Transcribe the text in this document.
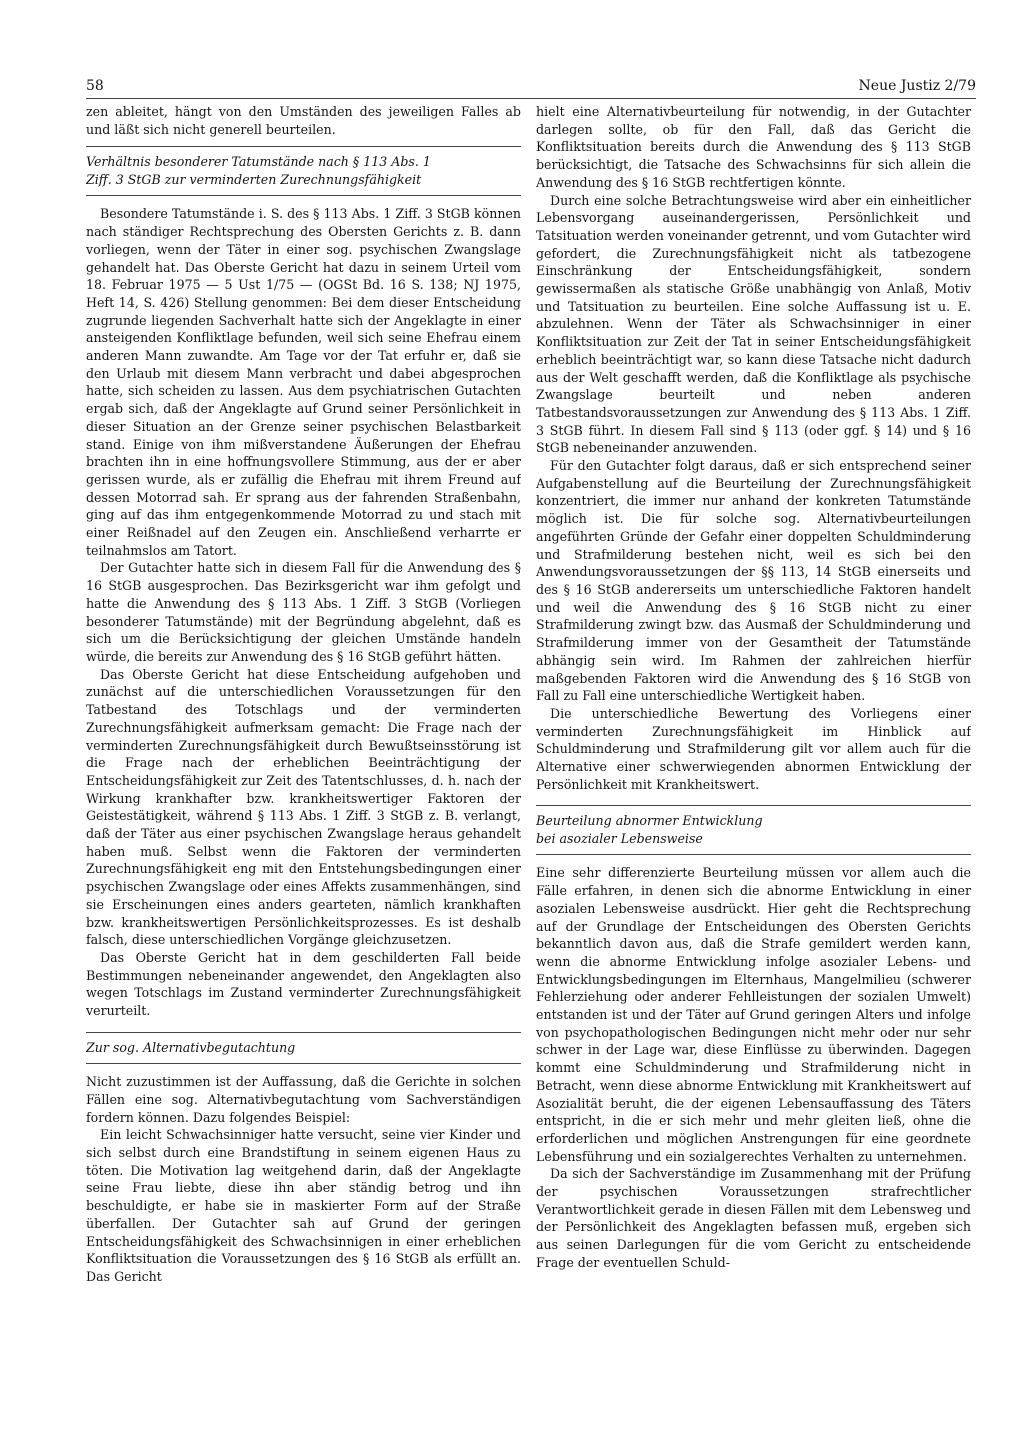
58	Neue Justiz 2/79

zen ableitet, hängt von den Umständen des jeweiligen Falles ab und läßt sich nicht generell beurteilen.

Verhältnis besonderer Tatumstände nach § 113 Abs. 1
Ziff. 3 StGB zur verminderten Zurechnungsfähigkeit

Besondere Tatumstände i. S. des § 113 Abs. 1 Ziff. 3 StGB können nach ständiger Rechtsprechung des Obersten Gerichts z. B. dann vorliegen, wenn der Täter in einer sog. psychischen Zwangslage gehandelt hat. Das Oberste Gericht hat dazu in seinem Urteil vom 18. Februar 1975 — 5 Ust 1/75 — (OGSt Bd. 16 S. 138; NJ 1975, Heft 14, S. 426) Stellung genommen: Bei dem dieser Entscheidung zugrunde liegenden Sachverhalt hatte sich der Angeklagte in einer ansteigenden Konfliktlage befunden, weil sich seine Ehefrau einem anderen Mann zuwandte. Am Tage vor der Tat erfuhr er, daß sie den Urlaub mit diesem Mann verbracht und dabei abgesprochen hatte, sich scheiden zu lassen. Aus dem psychiatrischen Gutachten ergab sich, daß der Angeklagte auf Grund seiner Persönlichkeit in dieser Situation an der Grenze seiner psychischen Belastbarkeit stand. Einige von ihm mißverstandene Äußerungen der Ehefrau brachten ihn in eine hoffnungsvollere Stimmung, aus der er aber gerissen wurde, als er zufällig die Ehefrau mit ihrem Freund auf dessen Motorrad sah. Er sprang aus der fahrenden Straßenbahn, ging auf das ihm entgegenkommende Motorrad zu und stach mit einer Reißnadel auf den Zeugen ein. Anschließend verharrte er teilnahmslos am Tatort.

Der Gutachter hatte sich in diesem Fall für die Anwendung des § 16 StGB ausgesprochen. Das Bezirksgericht war ihm gefolgt und hatte die Anwendung des § 113 Abs. 1 Ziff. 3 StGB (Vorliegen besonderer Tatumstände) mit der Begründung abgelehnt, daß es sich um die Berücksichtigung der gleichen Umstände handeln würde, die bereits zur Anwendung des § 16 StGB geführt hätten.

Das Oberste Gericht hat diese Entscheidung aufgehoben und zunächst auf die unterschiedlichen Voraussetzungen für den Tatbestand des Totschlags und der verminderten Zurechnungsfähigkeit aufmerksam gemacht: Die Frage nach der verminderten Zurechnungsfähigkeit durch Bewußtseinsstörung ist die Frage nach der erheblichen Beeinträchtigung der Entscheidungsfähigkeit zur Zeit des Tatentschlusses, d. h. nach der Wirkung krankhafter bzw. krankheitswertiger Faktoren der Geistestätigkeit, während § 113 Abs. 1 Ziff. 3 StGB z. B. verlangt, daß der Täter aus einer psychischen Zwangslage heraus gehandelt haben muß. Selbst wenn die Faktoren der verminderten Zurechnungsfähigkeit eng mit den Entstehungsbedingungen einer psychischen Zwangslage oder eines Affekts zusammenhängen, sind sie Erscheinungen eines anders gearteten, nämlich krankhaften bzw. krankheitswertigen Persönlichkeitsprozesses. Es ist deshalb falsch, diese unterschiedlichen Vorgänge gleichzusetzen.

Das Oberste Gericht hat in dem geschilderten Fall beide Bestimmungen nebeneinander angewendet, den Angeklagten also wegen Totschlags im Zustand verminderter Zurechnungsfähigkeit verurteilt.

Zur sog. Alternativbegutachtung

Nicht zuzustimmen ist der Auffassung, daß die Gerichte in solchen Fällen eine sog. Alternativbegutachtung vom Sachverständigen fordern können. Dazu folgendes Beispiel:

Ein leicht Schwachsinniger hatte versucht, seine vier Kinder und sich selbst durch eine Brandstiftung in seinem eigenen Haus zu töten. Die Motivation lag weitgehend darin, daß der Angeklagte seine Frau liebte, diese ihn aber ständig betrog und ihn beschuldigte, er habe sie in maskierter Form auf der Straße überfallen. Der Gutachter sah auf Grund der geringen Entscheidungsfähigkeit des Schwachsinnigen in einer erheblichen Konfliktsituation die Voraussetzungen des § 16 StGB als erfüllt an. Das Gericht

hielt eine Alternativbeurteilung für notwendig, in der Gutachter darlegen sollte, ob für den Fall, daß das Gericht die Konfliktsituation bereits durch die Anwendung des § 113 StGB berücksichtigt, die Tatsache des Schwachsinns für sich allein die Anwendung des § 16 StGB rechtfertigen könnte.

Durch eine solche Betrachtungsweise wird aber ein einheitlicher Lebensvorgang auseinandergerissen, Persönlichkeit und Tatsituation werden voneinander getrennt, und vom Gutachter wird gefordert, die Zurechnungsfähigkeit nicht als tatbezogene Einschränkung der Entscheidungsfähigkeit, sondern gewissermaßen als statische Größe unabhängig von Anlaß, Motiv und Tatsituation zu beurteilen. Eine solche Auffassung ist u. E. abzulehnen. Wenn der Täter als Schwachsinniger in einer Konfliktsituation zur Zeit der Tat in seiner Entscheidungsfähigkeit erheblich beeinträchtigt war, so kann diese Tatsache nicht dadurch aus der Welt geschafft werden, daß die Konfliktlage als psychische Zwangslage beurteilt und neben anderen Tatbestandsvoraussetzungen zur Anwendung des § 113 Abs. 1 Ziff. 3 StGB führt. In diesem Fall sind § 113 (oder ggf. § 14) und § 16 StGB nebeneinander anzuwenden.

Für den Gutachter folgt daraus, daß er sich entsprechend seiner Aufgabenstellung auf die Beurteilung der Zurechnungsfähigkeit konzentriert, die immer nur anhand der konkreten Tatumstände möglich ist. Die für solche sog. Alternativbeurteilungen angeführten Gründe der Gefahr einer doppelten Schuldminderung und Strafmilderung bestehen nicht, weil es sich bei den Anwendungsvoraussetzungen der §§ 113, 14 StGB einerseits und des § 16 StGB andererseits um unterschiedliche Faktoren handelt und weil die Anwendung des § 16 StGB nicht zu einer Strafmilderung zwingt bzw. das Ausmaß der Schuldminderung und Strafmilderung immer von der Gesamtheit der Tatumstände abhängig sein wird. Im Rahmen der zahlreichen hierfür maßgebenden Faktoren wird die Anwendung des § 16 StGB von Fall zu Fall eine unterschiedliche Wertigkeit haben.

Die unterschiedliche Bewertung des Vorliegens einer verminderten Zurechnungsfähigkeit im Hinblick auf Schuldminderung und Strafmilderung gilt vor allem auch für die Alternative einer schwerwiegenden abnormen Entwicklung der Persönlichkeit mit Krankheitswert.

Beurteilung abnormer Entwicklung
bei asozialer Lebensweise

Eine sehr differenzierte Beurteilung müssen vor allem auch die Fälle erfahren, in denen sich die abnorme Entwicklung in einer asozialen Lebensweise ausdrückt. Hier geht die Rechtsprechung auf der Grundlage der Entscheidungen des Obersten Gerichts bekanntlich davon aus, daß die Strafe gemildert werden kann, wenn die abnorme Entwicklung infolge asozialer Lebens- und Entwicklungsbedingungen im Elternhaus, Mangelmilieu (schwerer Fehlerziehung oder anderer Fehlleistungen der sozialen Umwelt) entstanden ist und der Täter auf Grund geringen Alters und infolge von psychopathologischen Bedingungen nicht mehr oder nur sehr schwer in der Lage war, diese Einflüsse zu überwinden. Dagegen kommt eine Schuldminderung und Strafmilderung nicht in Betracht, wenn diese abnorme Entwicklung mit Krankheitswert auf Asozialität beruht, die der eigenen Lebensauffassung des Täters entspricht, in die er sich mehr und mehr gleiten ließ, ohne die erforderlichen und möglichen Anstrengungen für eine geordnete Lebensführung und ein sozialgerechtes Verhalten zu unternehmen.

Da sich der Sachverständige im Zusammenhang mit der Prüfung der psychischen Voraussetzungen strafrechtlicher Verantwortlichkeit gerade in diesen Fällen mit dem Lebensweg und der Persönlichkeit des Angeklagten befassen muß, ergeben sich aus seinen Darlegungen für die vom Gericht zu entscheidende Frage der eventuellen Schuld-
